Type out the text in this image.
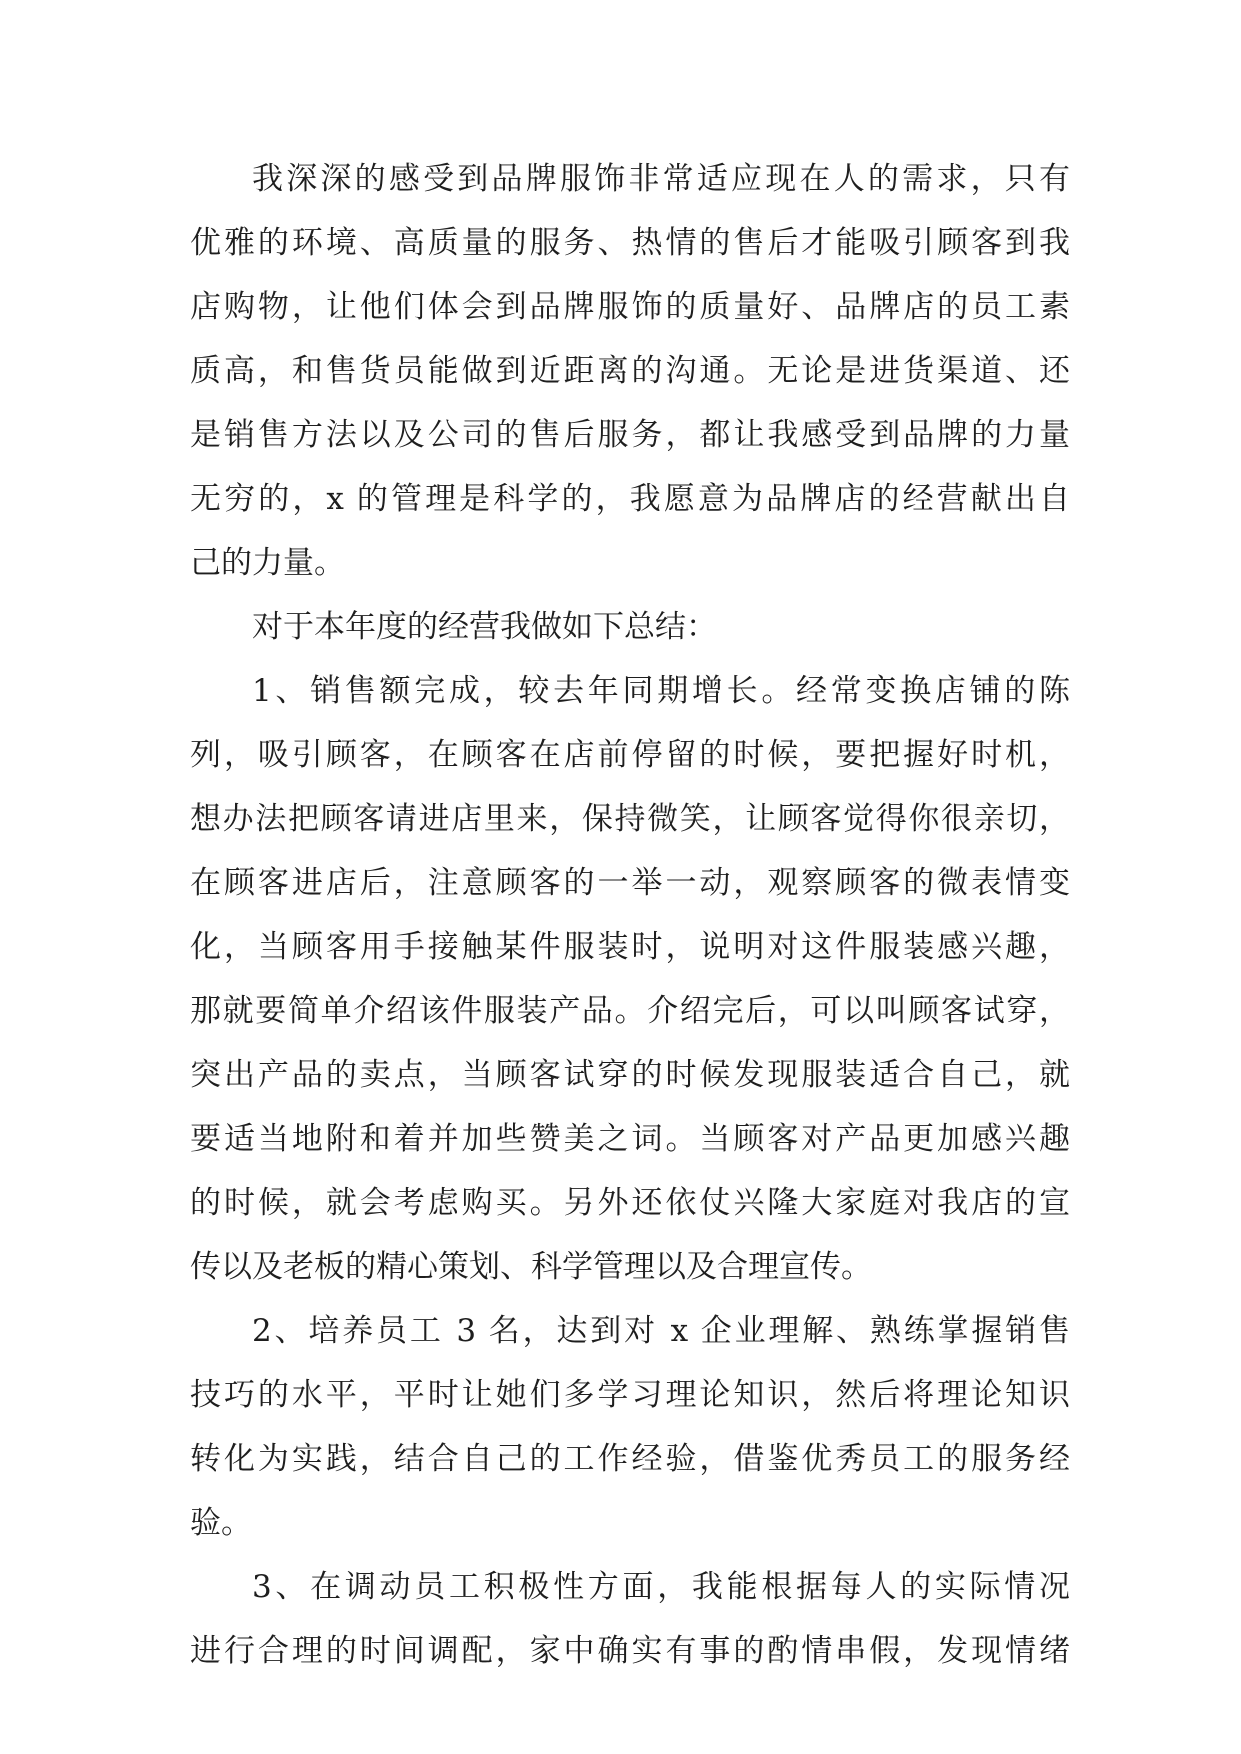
我深深的感受到品牌服饰非常适应现在人的需求，只有
优雅的环境、高质量的服务、热情的售后才能吸引顾客到我
店购物，让他们体会到品牌服饰的质量好、品牌店的员工素
质高，和售货员能做到近距离的沟通。无论是进货渠道、还
是销售方法以及公司的售后服务，都让我感受到品牌的力量
无穷的，x 的管理是科学的，我愿意为品牌店的经营献出自
己的力量。
对于本年度的经营我做如下总结：
1、销售额完成，较去年同期增长。经常变换店铺的陈
列，吸引顾客，在顾客在店前停留的时候，要把握好时机，
想办法把顾客请进店里来，保持微笑，让顾客觉得你很亲切，
在顾客进店后，注意顾客的一举一动，观察顾客的微表情变
化，当顾客用手接触某件服装时，说明对这件服装感兴趣，
那就要简单介绍该件服装产品。介绍完后，可以叫顾客试穿，
突出产品的卖点，当顾客试穿的时候发现服装适合自己，就
要适当地附和着并加些赞美之词。当顾客对产品更加感兴趣
的时候，就会考虑购买。另外还依仗兴隆大家庭对我店的宣
传以及老板的精心策划、科学管理以及合理宣传。
2、培养员工 3 名，达到对 x 企业理解、熟练掌握销售
技巧的水平，平时让她们多学习理论知识，然后将理论知识
转化为实践，结合自己的工作经验，借鉴优秀员工的服务经
验。
3、在调动员工积极性方面，我能根据每人的实际情况
进行合理的时间调配，家中确实有事的酌情串假，发现情绪
